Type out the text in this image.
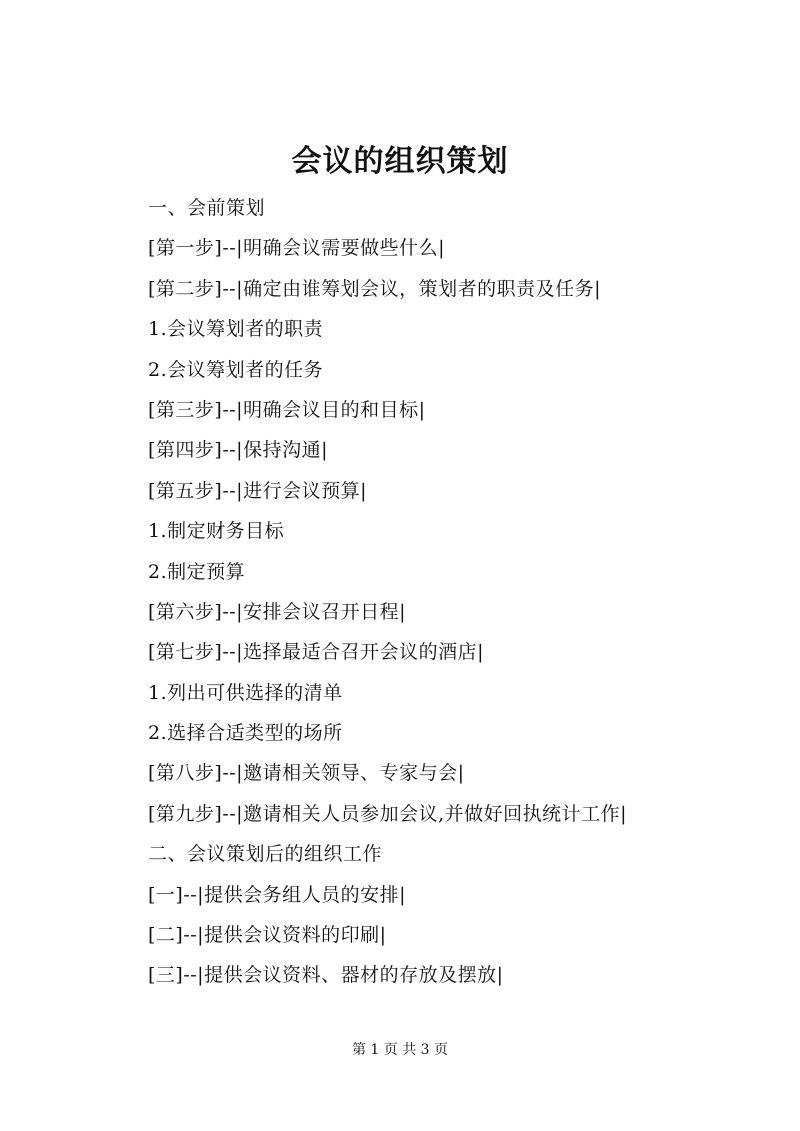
会议的组织策划
一、会前策划
[第一步]--|明确会议需要做些什么|
[第二步]--|确定由谁筹划会议，策划者的职责及任务|
1.会议筹划者的职责
2.会议筹划者的任务
[第三步]--|明确会议目的和目标|
[第四步]--|保持沟通|
[第五步]--|进行会议预算|
1.制定财务目标
2.制定预算
[第六步]--|安排会议召开日程|
[第七步]--|选择最适合召开会议的酒店|
1.列出可供选择的清单
2.选择合适类型的场所
[第八步]--|邀请相关领导、专家与会|
[第九步]--|邀请相关人员参加会议,并做好回执统计工作|
二、会议策划后的组织工作
[一]--|提供会务组人员的安排|
[二]--|提供会议资料的印刷|
[三]--|提供会议资料、器材的存放及摆放|
第 1 页 共 3 页
